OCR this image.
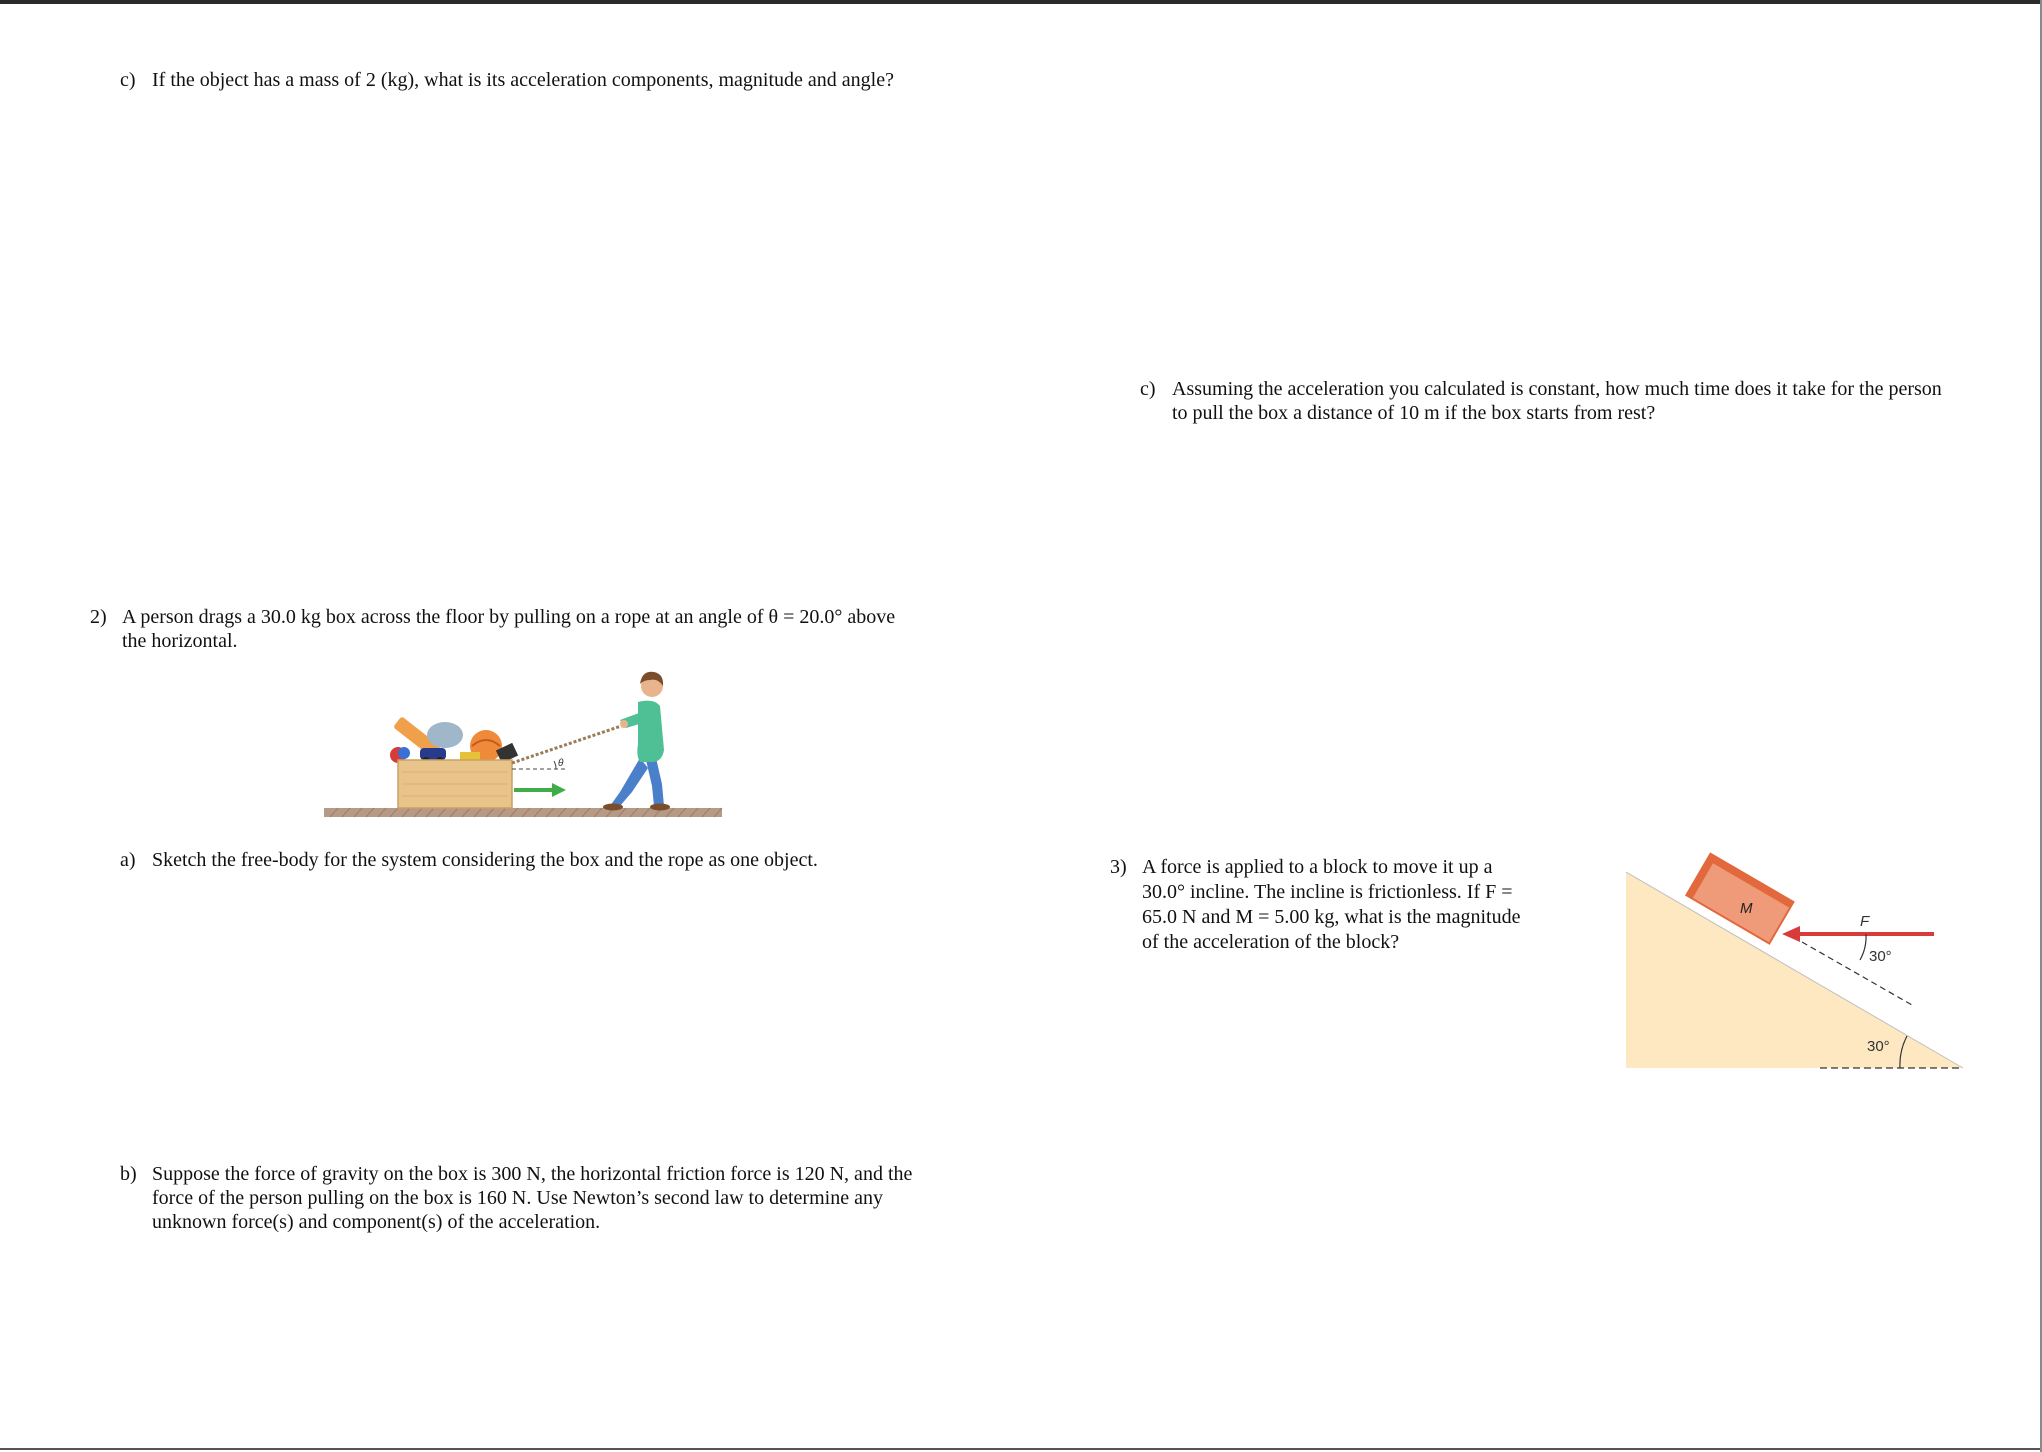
c) If the object has a mass of 2 (kg), what is its acceleration components, magnitude and angle?
c) Assuming the acceleration you calculated is constant, how much time does it take for the person
to pull the box a distance of 10 m if the box starts from rest?
2) A person drags a 30.0 kg box across the floor by pulling on a rope at an angle of θ = 20.0° above
the horizontal.
θ
a) Sketch the free-body for the system considering the box and the rope as one object.
b) Suppose the force of gravity on the box is 300 N, the horizontal friction force is 120 N, and the
force of the person pulling on the box is 160 N. Use Newton’s second law to determine any
unknown force(s) and component(s) of the acceleration.
3) A force is applied to a block to move it up a
30.0° incline. The incline is frictionless. If F =
65.0 N and M = 5.00 kg, what is the magnitude
of the acceleration of the block?
30°
M
F
30°
